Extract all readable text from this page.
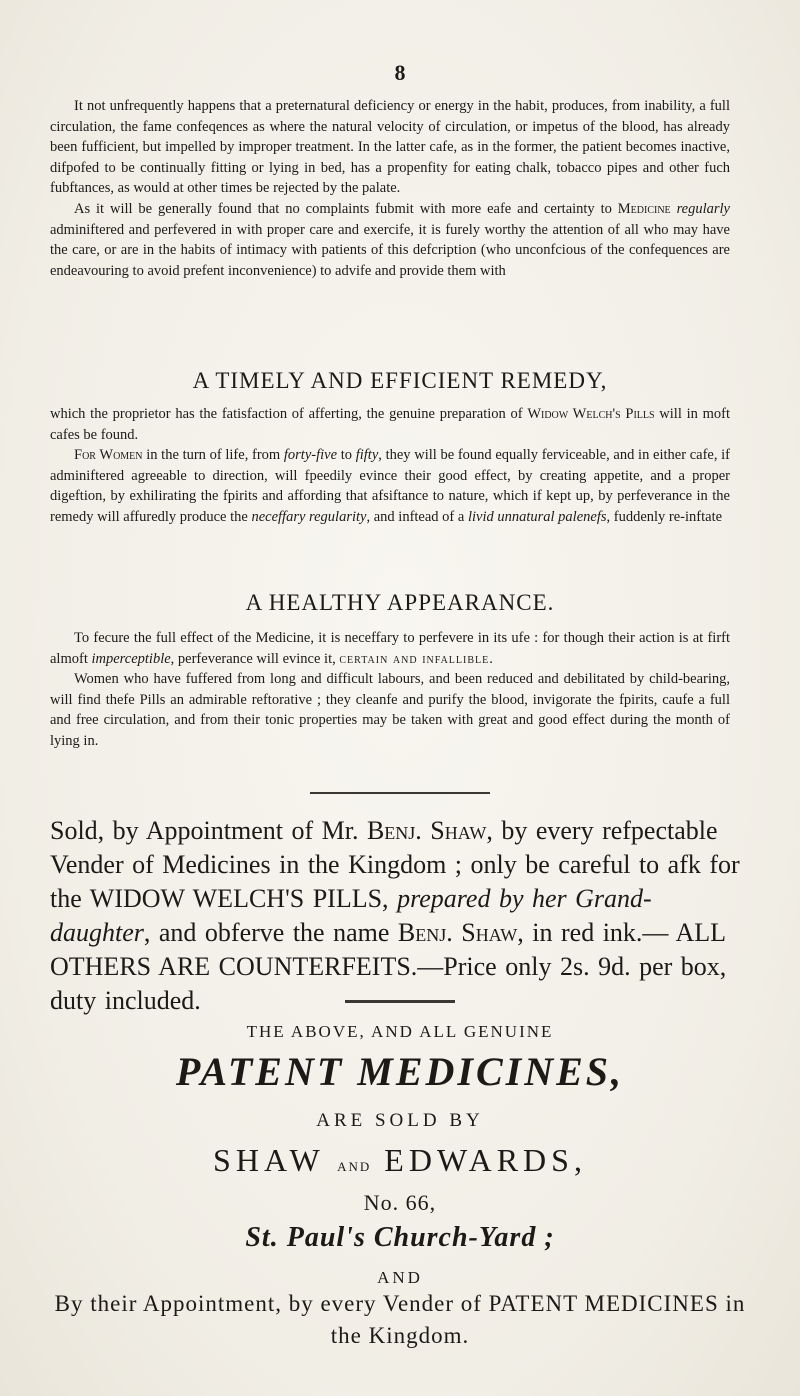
8

It not unfrequently happens that a preternatural deficiency or energy in the habit, produces, from inability, a full circulation, the fame confeqences as where the natural velocity of circulation, or impetus of the blood, has already been fufficient, but impelled by improper treatment. In the latter cafe, as in the former, the patient becomes inactive, difpofed to be continually fitting or lying in bed, has a propenfity for eating chalk, tobacco pipes and other fuch fubftances, as would at other times be rejected by the palate.

As it will be generally found that no complaints fubmit with more eafe and certainty to Medicine regularly adminiftered and perfevered in with proper care and exercife, it is furely worthy the attention of all who may have the care, or are in the habits of intimacy with patients of this defcription (who unconfcious of the confequences are endeavouring to avoid prefent inconvenience) to advife and provide them with

A TIMELY AND EFFICIENT REMEDY,

which the proprietor has the fatisfaction of afferting, the genuine preparation of Widow Welch's Pills will in moft cafes be found.

For Women in the turn of life, from forty-five to fifty, they will be found equally ferviceable, and in either cafe, if adminiftered agreeable to direction, will fpeedily evince their good effect, by creating appetite, and a proper digeftion, by exhilirating the fpirits and affording that afsiftance to nature, which if kept up, by perfeverance in the remedy will affuredly produce the neceffary regularity, and inftead of a livid unnatural palenefs, fuddenly re-inftate

A HEALTHY APPEARANCE.

To fecure the full effect of the Medicine, it is neceffary to perfevere in its ufe : for though their action is at firft almoft imperceptible, perfeverance will evince it, certain and infallible.

Women who have fuffered from long and difficult labours, and been reduced and debilitated by child-bearing, will find thefe Pills an admirable reftorative ; they cleanfe and purify the blood, invigorate the fpirits, caufe a full and free circulation, and from their tonic properties may be taken with great and good effect during the month of lying in.

Sold, by Appointment of Mr. Benj. Shaw, by every refpectable Vender of Medicines in the Kingdom ; only be careful to afk for the WIDOW WELCH'S PILLS, prepared by her Grand-daughter, and obferve the name Benj. Shaw, in red ink.— ALL OTHERS ARE COUNTERFEITS.—Price only 2s. 9d. per box, duty included.

THE ABOVE, AND ALL GENUINE
PATENT MEDICINES,
ARE SOLD BY
SHAW and EDWARDS,
No. 66,
St. Paul's Church-Yard ;
AND
By their Appointment, by every Vender of PATENT MEDICINES in the Kingdom.
